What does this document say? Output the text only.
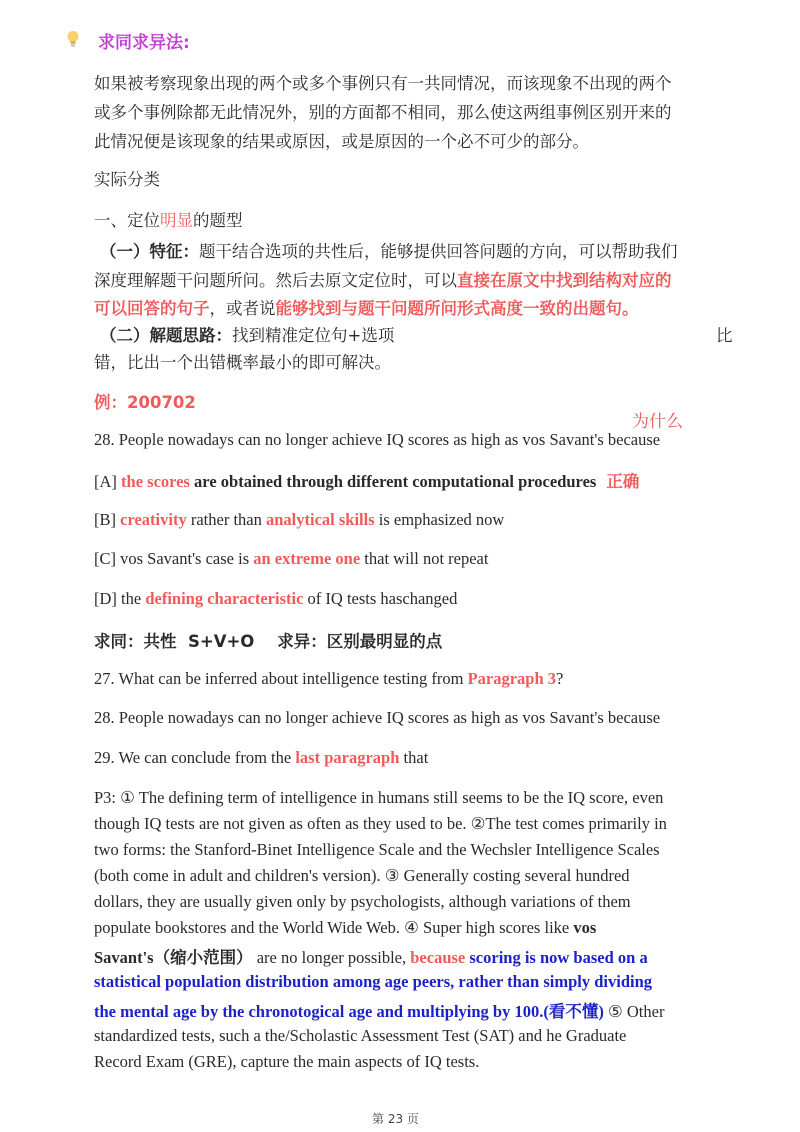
求同求异法:
如果被考察现象出现的两个或多个事例只有一共同情况，而该现象不出现的两个
或多个事例除都无此情况外，别的方面都不相同，那么使这两组事例区别开来的
此情况便是该现象的结果或原因，或是原因的一个必不可少的部分。
实际分类
一、定位明显的题型
（一）特征：题干结合选项的共性后，能够提供回答问题的方向，可以帮助我们
深度理解题干问题所问。然后去原文定位时，可以直接在原文中找到结构对应的
可以回答的句子，或者说能够找到与题干问题所问形式高度一致的出题句。
（二）解题思路：找到精准定位句+选项	比
错，比出一个出错概率最小的即可解决。
例：200702
为什么
28. People nowadays can no longer achieve IQ scores as high as vos Savant's because
[A] the scores are obtained through different computational procedures 正确
[B] creativity rather than analytical skills is emphasized now
[C] vos Savant's case is an extreme one that will not repeat
[D] the defining characteristic of IQ tests haschanged
求同：共性  S+V+O    求异：区别最明显的点
27. What can be inferred about intelligence testing from Paragraph 3?
28. People nowadays can no longer achieve IQ scores as high as vos Savant's because
29. We can conclude from the last paragraph that
P3: ① The defining term of intelligence in humans still seems to be the IQ score, even
though IQ tests are not given as often as they used to be. ②The test comes primarily in
two forms: the Stanford-Binet Intelligence Scale and the Wechsler Intelligence Scales
(both come in adult and children's version). ③ Generally costing several hundred
dollars, they are usually given only by psychologists, although variations of them
populate bookstores and the World Wide Web. ④ Super high scores like vos
Savant's（缩小范围） are no longer possible, because scoring is now based on a
statistical population distribution among age peers, rather than simply dividing
the mental age by the chronotogical age and multiplying by 100.(看不懂) ⑤ Other
standardized tests, such a the/Scholastic Assessment Test (SAT) and he Graduate
Record Exam (GRE), capture the main aspects of IQ tests.
第 23 页
